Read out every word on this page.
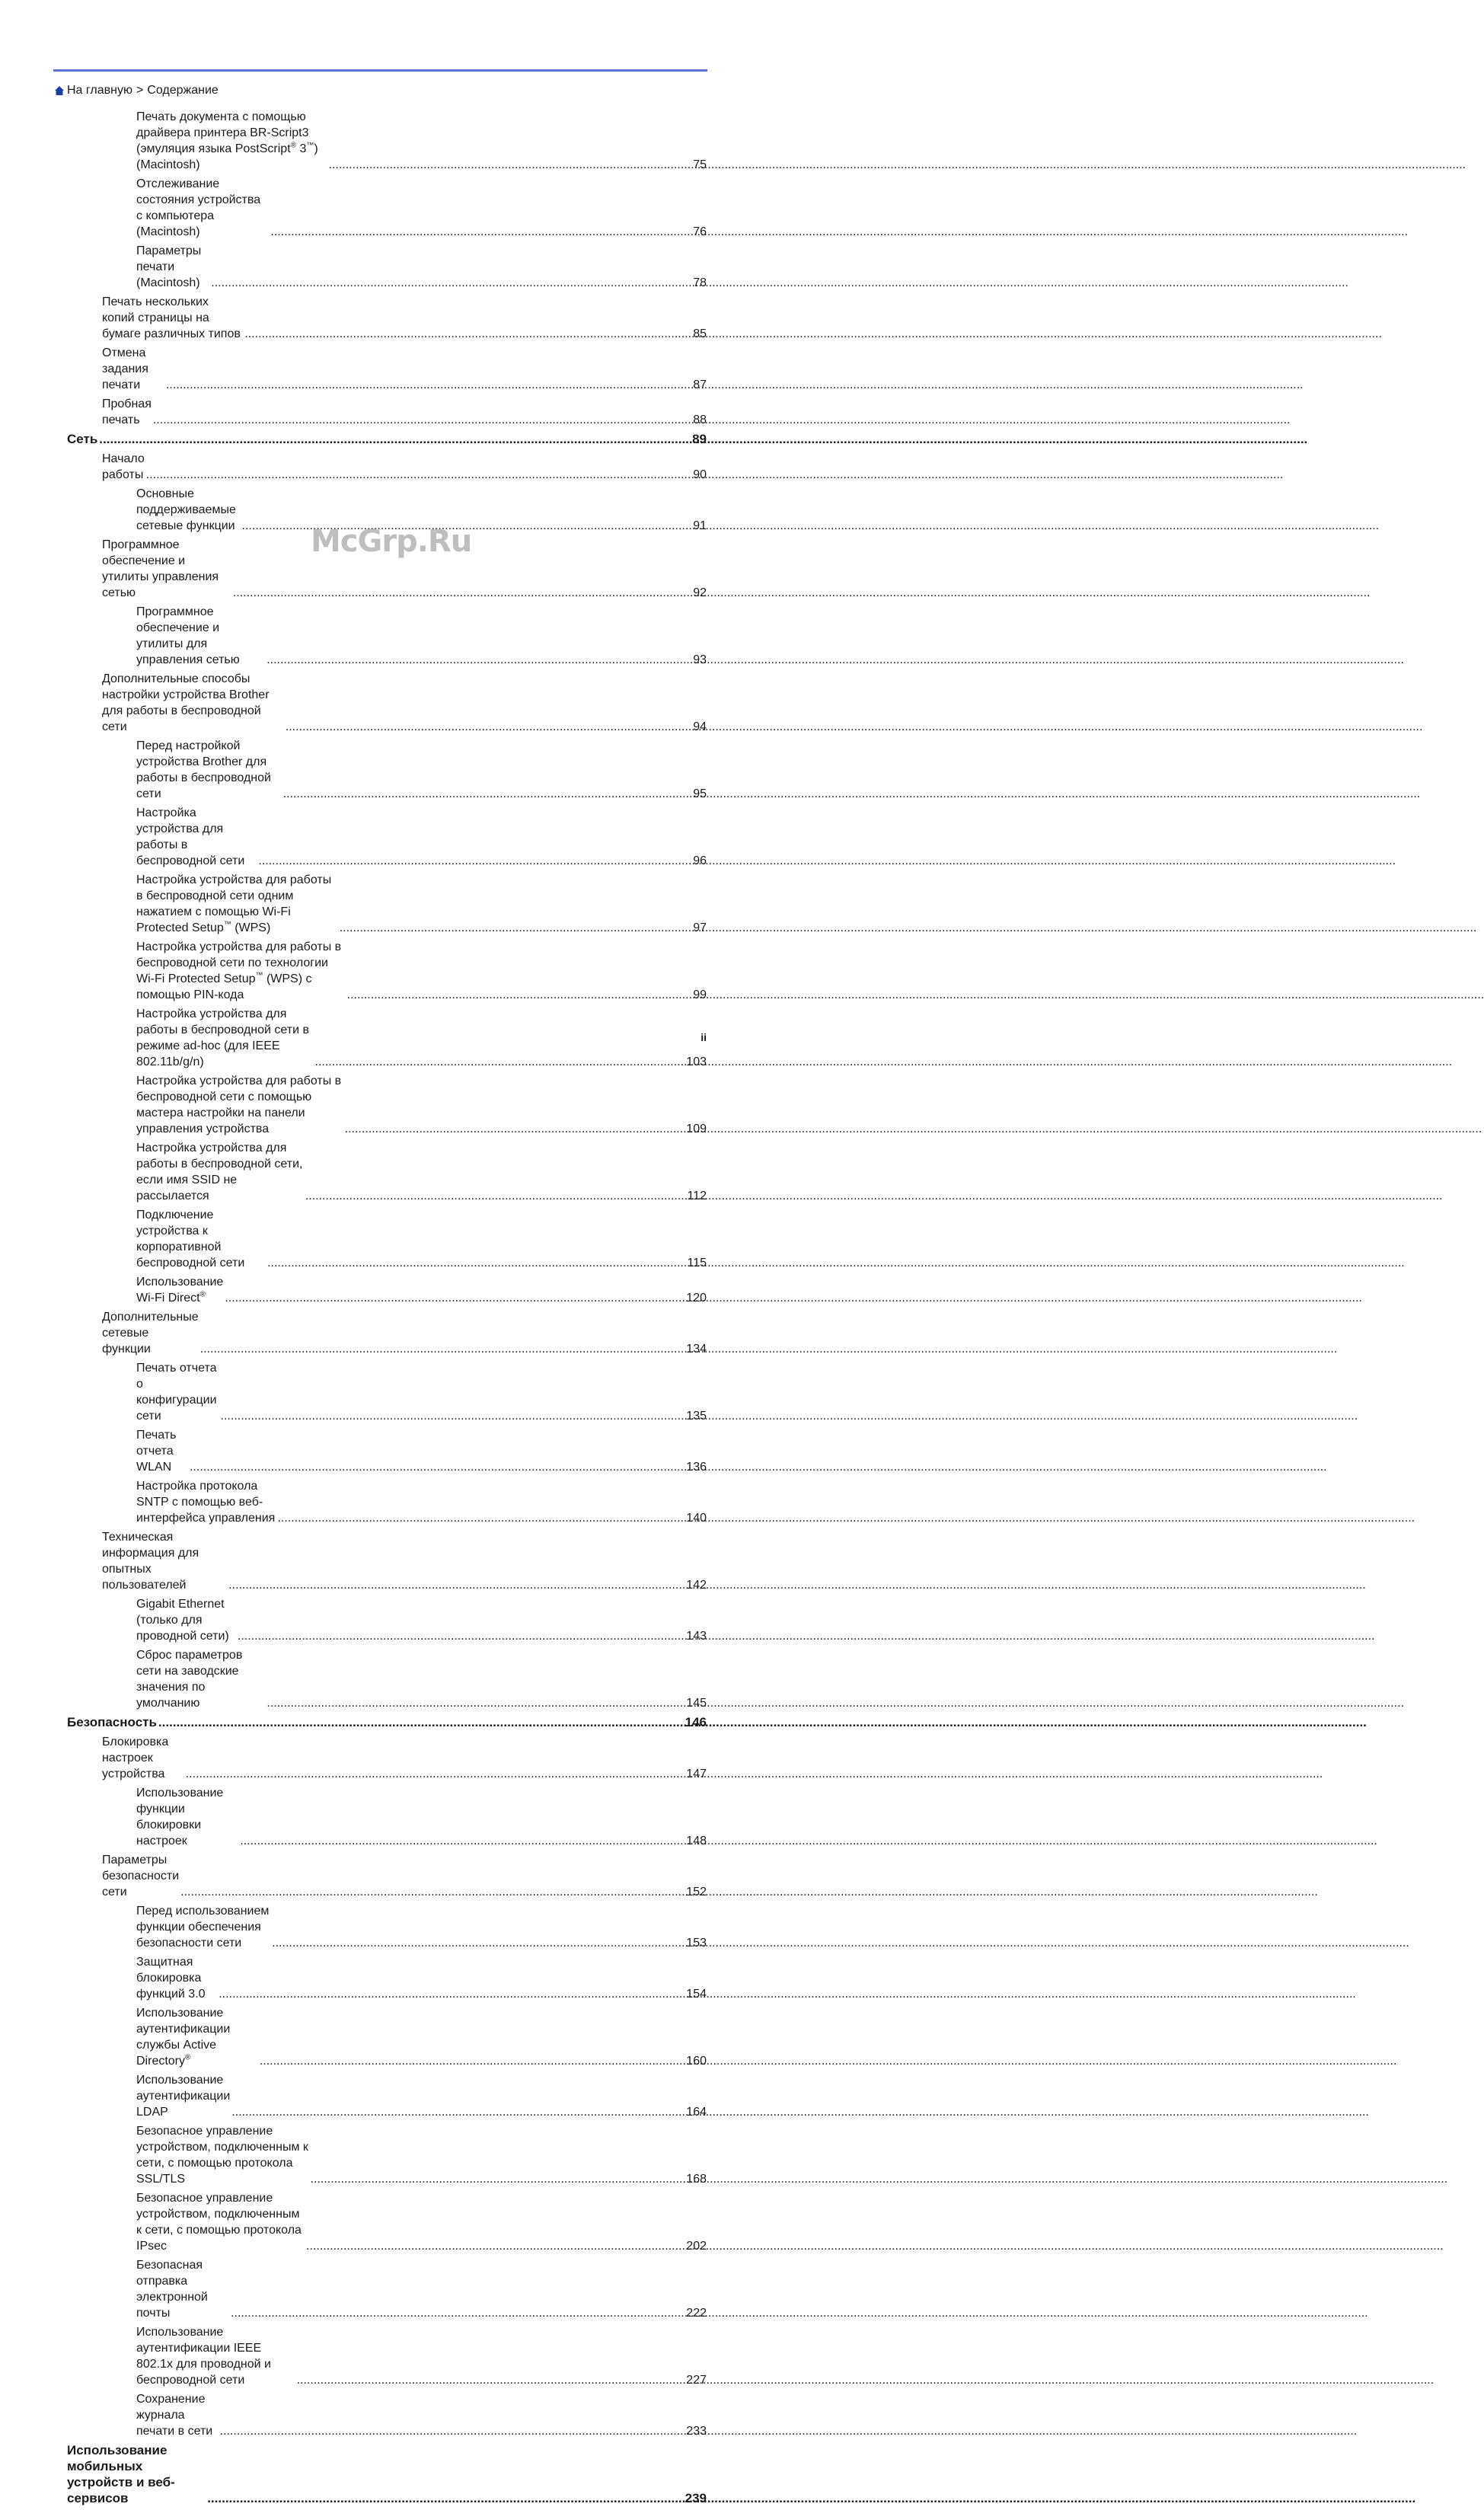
На главную > Содержание
Печать документа с помощью драйвера принтера BR-Script3 (эмуляция языка PostScript® 3™) (Macintosh) .....	75
Отслеживание состояния устройства с компьютера (Macintosh) .....	76
Параметры печати (Macintosh) .....	78
Печать нескольких копий страницы на бумаге различных типов .....	85
Отмена задания печати .....	87
Пробная печать .....	88
Сеть .....	89
Начало работы .....	90
Основные поддерживаемые сетевые функции .....	91
Программное обеспечение и утилиты управления сетью .....	92
Программное обеспечение и утилиты для управления сетью .....	93
Дополнительные способы настройки устройства Brother для работы в беспроводной сети .....	94
Перед настройкой устройства Brother для работы в беспроводной сети .....	95
Настройка устройства для работы в беспроводной сети .....	96
Настройка устройства для работы в беспроводной сети одним нажатием с помощью Wi-Fi Protected Setup™ (WPS) .....	97
Настройка устройства для работы в беспроводной сети по технологии Wi-Fi Protected Setup™ (WPS) с помощью PIN-кода .....	99
Настройка устройства для работы в беспроводной сети в режиме ad-hoc (для IEEE 802.11b/g/n) .....	103
Настройка устройства для работы в беспроводной сети с помощью мастера настройки на панели управления устройства .....	109
Настройка устройства для работы в беспроводной сети, если имя SSID не рассылается .....	112
Подключение устройства к корпоративной беспроводной сети .....	115
Использование Wi-Fi Direct® .....	120
Дополнительные сетевые функции .....	134
Печать отчета о конфигурации сети .....	135
Печать отчета WLAN .....	136
Настройка протокола SNTP с помощью веб-интерфейса управления .....	140
Техническая информация для опытных пользователей .....	142
Gigabit Ethernet (только для проводной сети) .....	143
Сброс параметров сети на заводские значения по умолчанию .....	145
Безопасность .....	146
Блокировка настроек устройства .....	147
Использование функции блокировки настроек .....	148
Параметры безопасности сети .....	152
Перед использованием функции обеспечения безопасности сети .....	153
Защитная блокировка функций 3.0 .....	154
Использование аутентификации службы Active Directory® .....	160
Использование аутентификации LDAP .....	164
Безопасное управление устройством, подключенным к сети, с помощью протокола SSL/TLS .....	168
Безопасное управление устройством, подключенным к сети, с помощью протокола IPsec .....	202
Безопасная отправка электронной почты .....	222
Использование аутентификации IEEE 802.1x для проводной и беспроводной сети .....	227
Сохранение журнала печати в сети .....	233
Использование мобильных устройств и веб-сервисов .....	239
McGrp.Ru
ii
